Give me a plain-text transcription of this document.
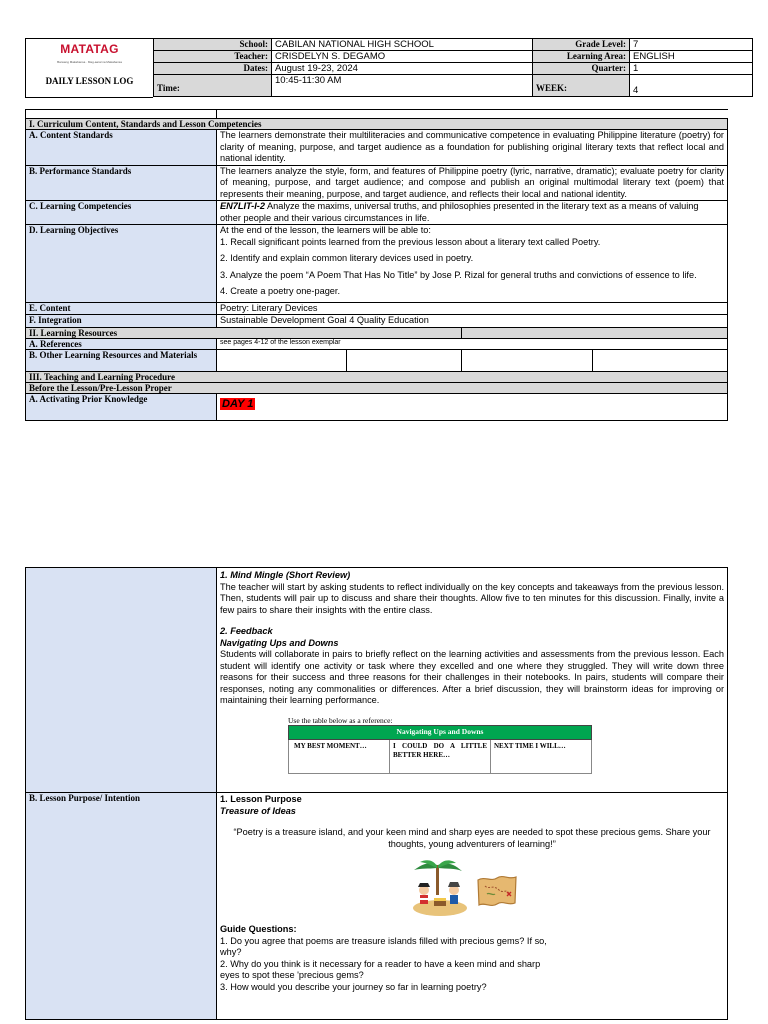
MATATAG
Bansang Makabansa · Mag-aaral na Makabansa
DAILY LESSON LOG
School:	CABILAN NATIONAL HIGH SCHOOL	Grade Level:	7
Teacher:	CRISDELYN S. DEGAMO	Learning Area:	ENGLISH
Dates:	August 19-23, 2024	Quarter:	1
Time:	10:45-11:30 AM	WEEK:	4

I. Curriculum Content, Standards and Lesson Competencies				
A. Content Standards	The learners demonstrate their multiliteracies and communicative competence in evaluating Philippine literature (poetry) for clarity of meaning, purpose, and target audience as a foundation for publishing original literary texts that reflect local and national identity.			
B. Performance Standards	The learners analyze the style, form, and features of Philippine poetry (lyric, narrative, dramatic); evaluate poetry for clarity of meaning, purpose, and target audience; and compose and publish an original multimodal literary text (poem) that represents their meaning, purpose, and target audience, and reflects their local and national identity.			
C. Learning Competencies	EN7LIT-I-2 Analyze the maxims, universal truths, and philosophies presented in the literary text as a means of valuing
other people and their various circumstances in life.			
D. Learning Objectives	At the end of the lesson, the learners will be able to:

1. Recall significant points learned from the previous lesson about a literary text called Poetry.

2. Identify and explain common literary devices used in poetry.

3. Analyze the poem “A Poem That Has No Title” by Jose P. Rizal for general truths and convictions of essence to life.

4. Create a poetry one-pager.			

E. Content	Poetry: Literary Devices			
F. Integration	Sustainable Development Goal 4 Quality Education			
II. Learning Resources				
A. References	see pages 4-12 of the lesson exemplar			
B. Other Learning Resources and Materials				
III. Teaching and Learning Procedure				
Before the Lesson/Pre-Lesson Proper				
A. Activating Prior Knowledge	DAY 1			

1. Mind Mingle (Short Review)

The teacher will start by asking students to reflect individually on the key concepts and takeaways from the previous lesson. Then, students will pair up to discuss and share their thoughts. Allow five to ten minutes for this discussion. Finally, invite a few pairs to share their insights with the entire class.

2. Feedback

Navigating Ups and Downs

Students will collaborate in pairs to briefly reflect on the learning activities and assessments from the previous lesson. Each student will identify one activity or task where they excelled and one where they struggled. They will write down three reasons for their success and three reasons for their challenges in their notebooks. In pairs, students will compare their responses, noting any commonalities or differences. After a brief discussion, they will brainstorm ideas for improving or maintaining their learning performance.

Use the table below as a reference:
Navigating Ups and Downs
MY BEST MOMENT…	I COULD DO A LITTLE BETTER HERE…	NEXT TIME I WILL…

B. Lesson Purpose/ Intention	1. Lesson Purpose

Treasure of Ideas

“Poetry is a treasure island, and your keen mind and sharp eyes are needed to spot these precious gems. Share your thoughts, young adventurers of learning!”

Guide Questions:

1. Do you agree that poems are treasure islands filled with precious gems? If so,

why?

2. Why do you think is it necessary for a reader to have a keen mind and sharp

eyes to spot these 'precious gems?

3. How would you describe your journey so far in learning poetry?
